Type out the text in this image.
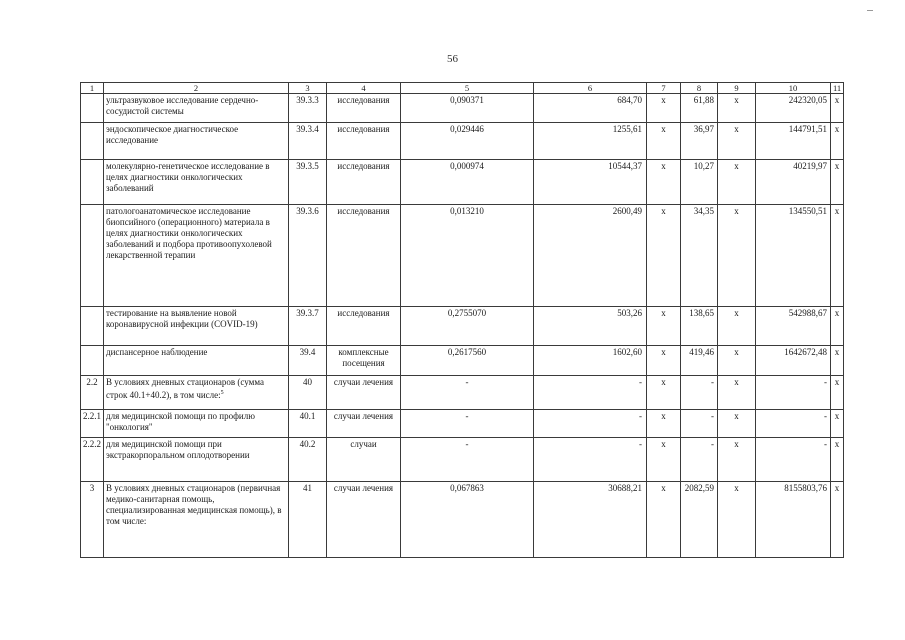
56
1	2	3	4	5	6	7	8	9	10	11
	ультразвуковое исследование сердечно-сосудистой системы	39.3.3	исследования	0,090371	684,70	х	61,88	х	242320,05	х
	эндоскопическое диагностическое исследование	39.3.4	исследования	0,029446	1255,61	х	36,97	х	144791,51	х
	молекулярно-генетическое исследование в целях диагностики онкологических заболеваний	39.3.5	исследования	0,000974	10544,37	х	10,27	х	40219,97	х
	патологоанатомическое исследование биопсийного (операционного) материала в целях диагностики онкологических заболеваний и подбора противоопухолевой лекарственной терапии	39.3.6	исследования	0,013210	2600,49	х	34,35	х	134550,51	х
	тестирование на выявление новой коронавирусной инфекции (COVID-19)	39.3.7	исследования	0,2755070	503,26	х	138,65	х	542988,67	х
	диспансерное наблюдение	39.4	комплексные посещения	0,2617560	1602,60	х	419,46	х	1642672,48	х
2.2	В условиях дневных стационаров (сумма строк 40.1+40.2), в том числе:$^5$	40	случаи лечения	-	-	х	-	х	-	х
2.2.1	для медицинской помощи по профилю "онкология"	40.1	случаи лечения	-	-	х	-	х	-	х
2.2.2	для медицинской помощи при экстракорпоральном оплодотворении	40.2	случаи	-	-	х	-	х	-	х
3	В условиях дневных стационаров (первичная медико-санитарная помощь, специализированная медицинская помощь), в том числе:	41	случаи лечения	0,067863	30688,21	х	2082,59	х	8155803,76	х
